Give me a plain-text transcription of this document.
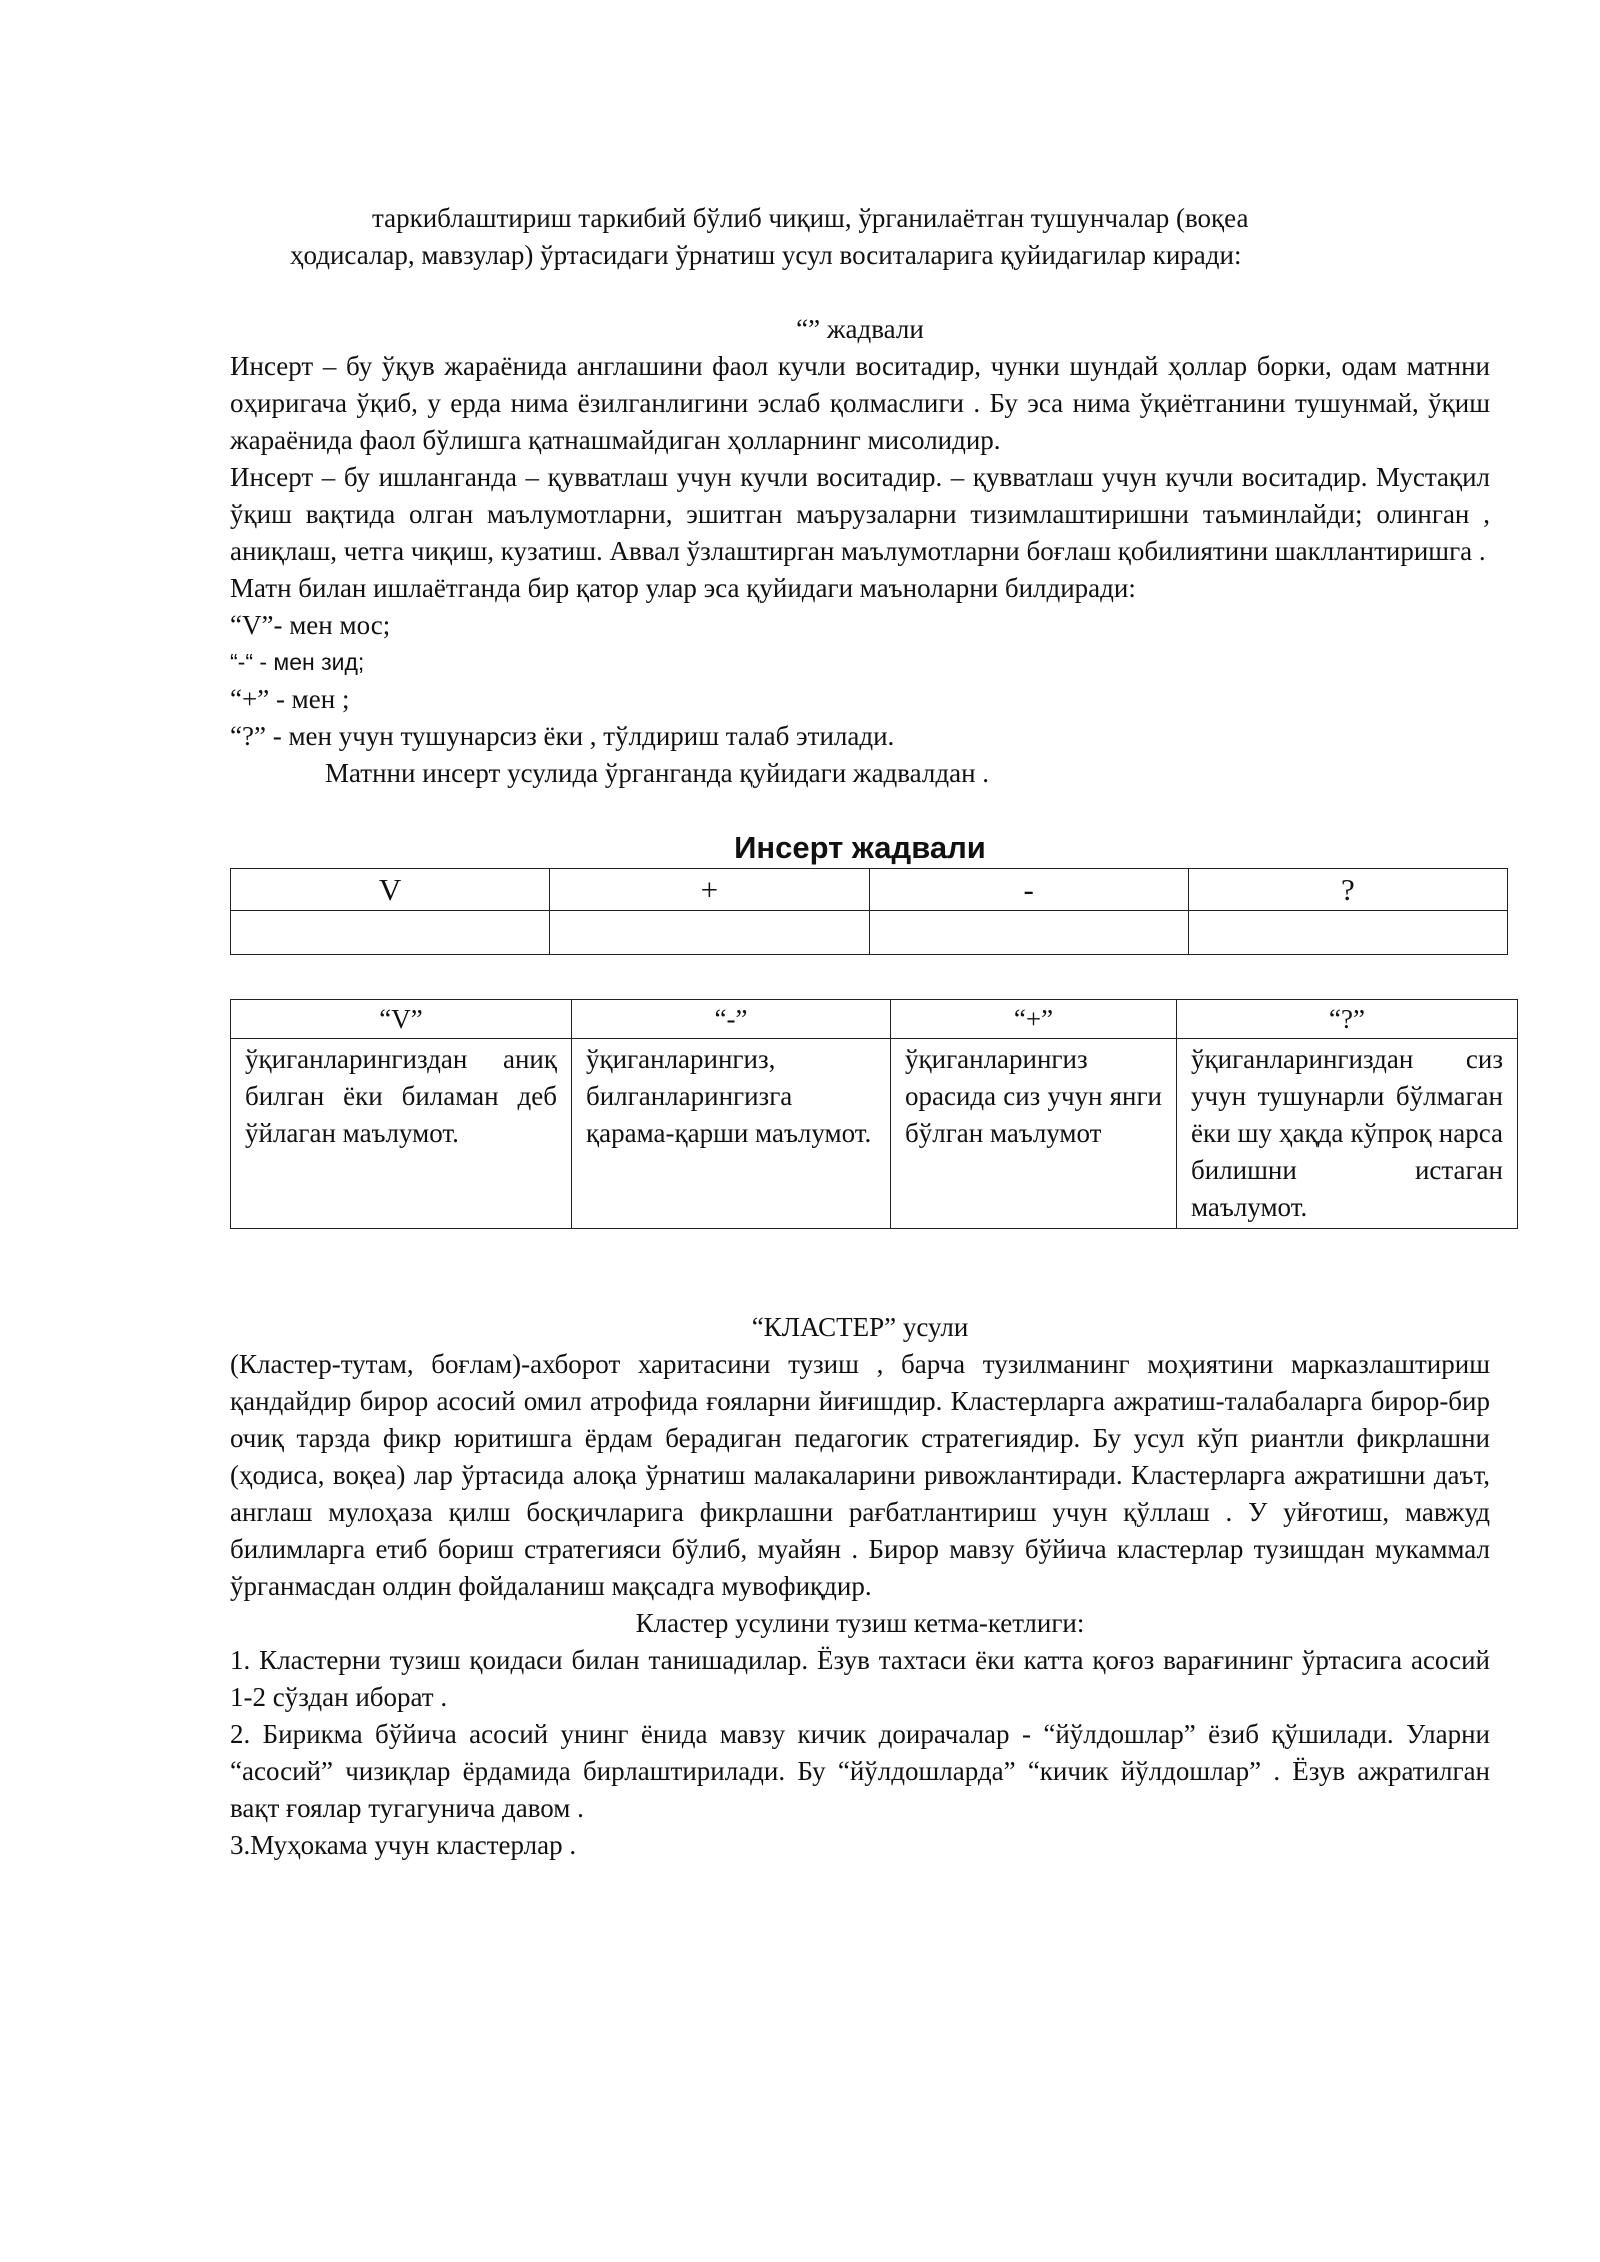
таркиблаштириш таркибий бўлиб чиқиш, ўрганилаётган тушунчалар (воқеа

ҳодисалар, мавзулар) ўртасидаги ўрнатиш усул воситаларига қуйидагилар киради:

“” жадвали

Инсерт – бу ўқув жараёнида англашини фаол кучли воситадир, чунки шундай ҳоллар борки, одам матнни оҳиригача ўқиб, у ерда нима ёзилганлигини эслаб қолмаслиги . Бу эса нима ўқиётганини тушунмай, ўқиш жараёнида фаол бўлишга қатнашмайдиган ҳолларнинг мисолидир.

Инсерт – бу ишланганда – қувватлаш учун кучли воситадир. – қувватлаш учун кучли воситадир. Мустақил ўқиш вақтида олган маълумотларни, эшитган маърузаларни тизимлаштиришни таъминлайди; олинган , аниқлаш, четга чиқиш, кузатиш. Аввал ўзлаштирган маълумотларни боғлаш қобилиятини шакллантиришга .

Матн билан ишлаётганда бир қатор улар эса қуйидаги маъноларни билдиради:

“V”- мен мос;

“-“ - мен зид;

“+” - мен ;

“?” - мен учун тушунарсиз ёки , тўлдириш талаб этилади.

Матнни инсерт усулида ўрганганда қуйидаги жадвалдан .

Инсерт жадвали

V	+	-	?

“V”	“-”	“+”	“?”
ўқиганларингиздан аниқ билган ёки биламан деб ўйлаган маълумот.	ўқиганларингиз, билганларингизга қарама-қарши маълумот.	ўқиганларингиз орасида сиз учун янги бўлган маълумот	ўқиганларингиздан сиз учун тушунарли бўлмаган ёки шу ҳақда кўпроқ нарса билишни истаган маълумот.

“КЛАСТЕР” усули

(Кластер-тутам, боғлам)-ахборот харитасини тузиш , барча тузилманинг моҳиятини марказлаштириш қандайдир бирор асосий омил атрофида ғояларни йиғишдир. Кластерларга ажратиш-талабаларга бирор-бир очиқ тарзда фикр юритишга ёрдам берадиган педагогик стратегиядир. Бу усул кўп риантли фикрлашни (ҳодиса, воқеа) лар ўртасида алоқа ўрнатиш малакаларини ривожлантиради. Кластерларга ажратишни даът, англаш мулоҳаза қилш босқичларига фикрлашни рағбатлантириш учун қўллаш . У уйғотиш, мавжуд билимларга етиб бориш стратегияси бўлиб, муайян . Бирор мавзу бўйича кластерлар тузишдан мукаммал ўрганмасдан олдин фойдаланиш мақсадга мувофиқдир.

Кластер усулини тузиш кетма-кетлиги:

1. Кластерни тузиш қоидаси билан танишадилар. Ёзув тахтаси ёки катта қоғоз варағининг ўртасига асосий 1-2 сўздан иборат .

2. Бирикма бўйича асосий унинг ёнида мавзу кичик доирачалар - “йўлдошлар” ёзиб қўшилади. Уларни “асосий” чизиқлар ёрдамида бирлаштирилади. Бу “йўлдошларда” “кичик йўлдошлар” . Ёзув ажратилган вақт ғоялар тугагунича давом .

3.Муҳокама учун кластерлар .
